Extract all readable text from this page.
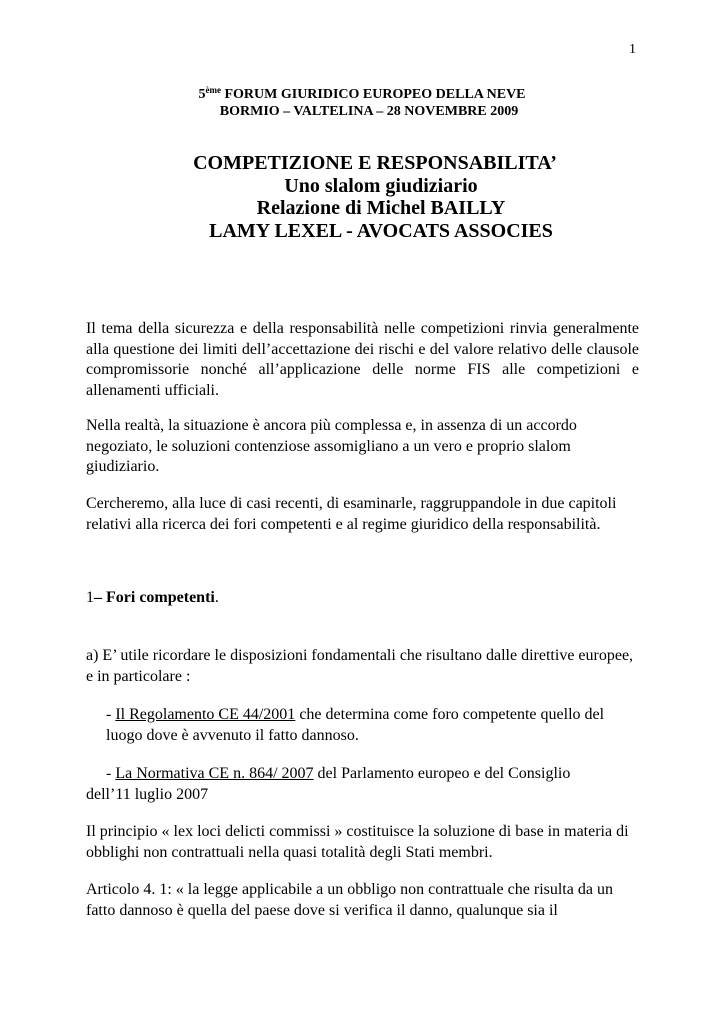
1
5ème FORUM GIURIDICO EUROPEO DELLA NEVE
BORMIO – VALTELINA – 28 NOVEMBRE 2009
COMPETIZIONE E RESPONSABILITA’
Uno slalom giudiziario
Relazione di Michel BAILLY
LAMY LEXEL - AVOCATS ASSOCIES
Il tema della sicurezza e della responsabilità nelle competizioni rinvia generalmente alla questione dei limiti dell’accettazione dei rischi e del valore relativo delle clausole compromissorie nonché all’applicazione delle norme FIS alle competizioni e allenamenti ufficiali.
Nella realtà, la situazione è ancora più complessa e, in assenza di un accordo negoziato, le soluzioni contenziose assomigliano a un vero e proprio slalom giudiziario.
Cercheremo, alla luce di casi recenti, di esaminarle, raggruppandole in due capitoli relativi alla ricerca dei fori competenti e al regime giuridico della responsabilità.
1– Fori competenti.
a) E’ utile ricordare le disposizioni fondamentali che risultano dalle direttive europee, e in particolare :
- Il Regolamento CE 44/2001 che determina come foro competente quello del luogo dove è avvenuto il fatto dannoso.
- La Normativa CE n. 864/ 2007 del Parlamento europeo e del Consiglio
dell’11 luglio 2007
Il principio « lex loci delicti commissi » costituisce la soluzione di base in materia di obblighi non contrattuali nella quasi totalità degli Stati membri.
Articolo 4. 1: « la legge applicabile a un obbligo non contrattuale che risulta da un fatto dannoso è quella del paese dove si verifica il danno, qualunque sia il
